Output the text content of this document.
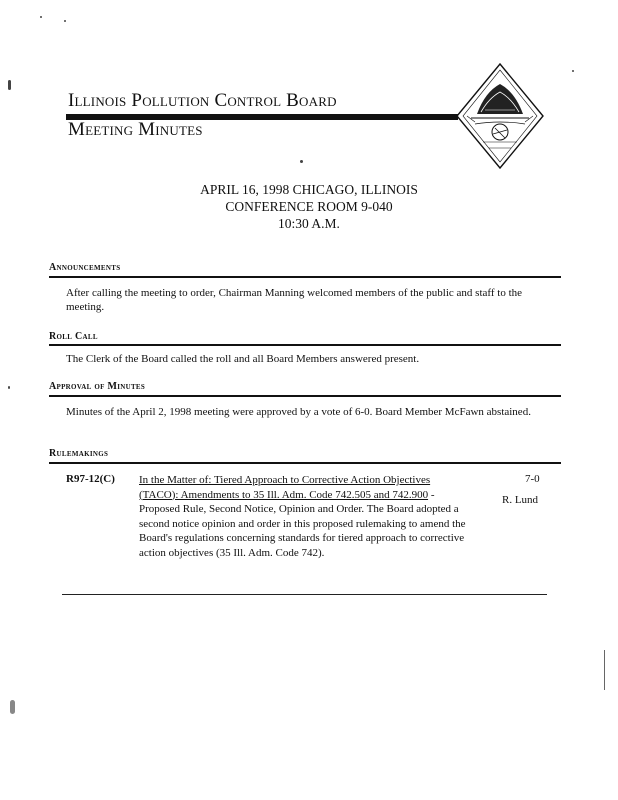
Illinois Pollution Control Board
Meeting Minutes
APRIL 16, 1998 CHICAGO, ILLINOIS
CONFERENCE ROOM 9-040
10:30 A.M.
Announcements
After calling the meeting to order, Chairman Manning welcomed members of the public and staff to the meeting.
Roll Call
The Clerk of the Board called the roll and all Board Members answered present.
Approval of Minutes
Minutes of the April 2, 1998 meeting were approved by a vote of 6-0. Board Member McFawn abstained.
Rulemakings
R97-12(C) In the Matter of: Tiered Approach to Corrective Action Objectives
(TACO): Amendments to 35 Ill. Adm. Code 742.505 and 742.900 - Proposed Rule, Second Notice, Opinion and Order. The Board adopted a second notice opinion and order in this proposed rulemaking to amend the Board's regulations concerning standards for tiered approach to corrective action objectives (35 Ill. Adm. Code 742).
7-0
R. Lund
